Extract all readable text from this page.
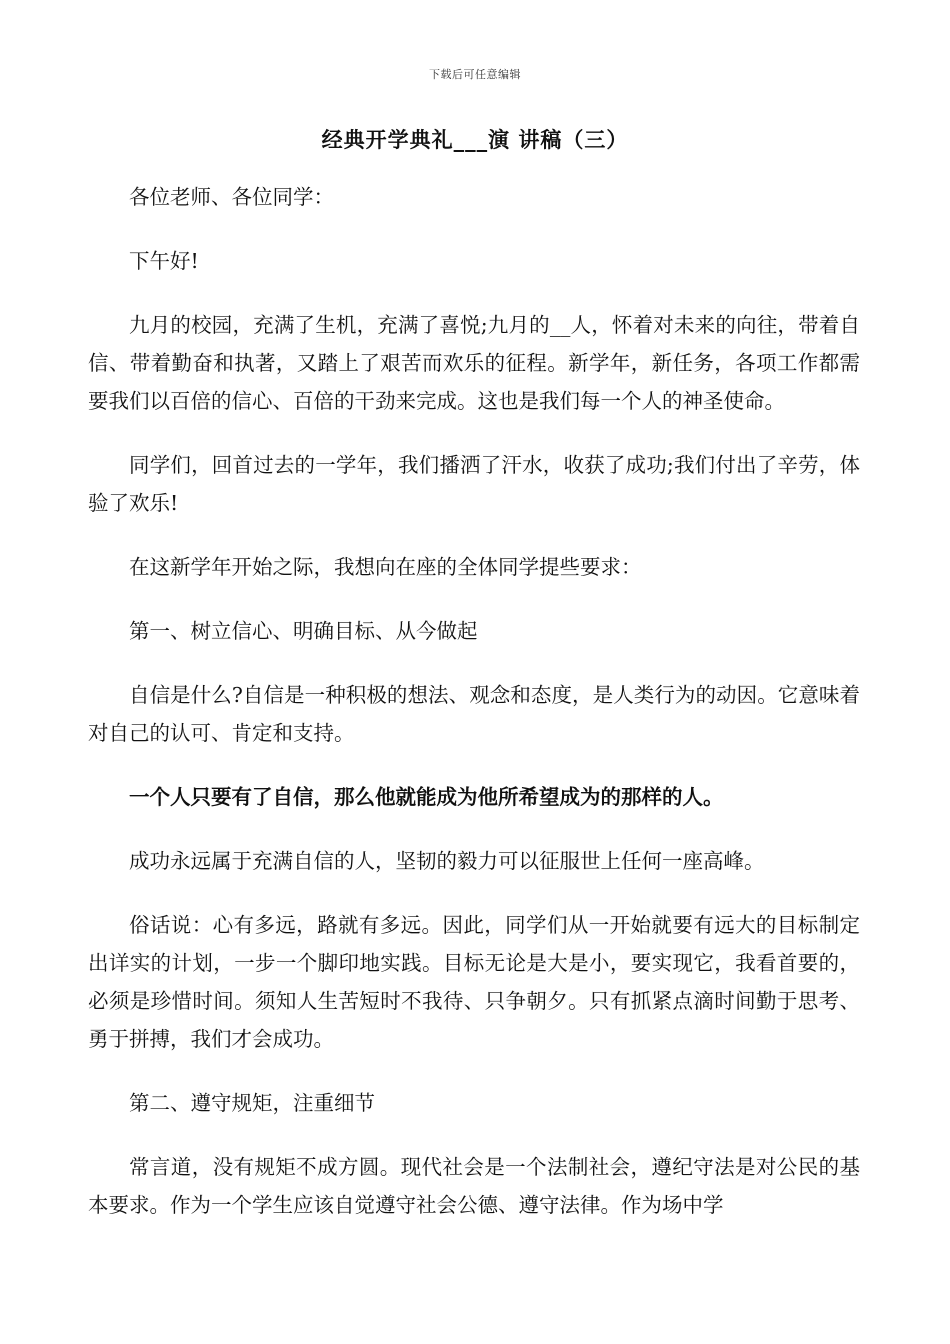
下载后可任意编辑
经典开学典礼___演 讲稿（三）

各位老师、各位同学：

下午好!

九月的校园，充满了生机，充满了喜悦;九月的__人，怀着对未来的向往，带着自信、带着勤奋和执著，又踏上了艰苦而欢乐的征程。新学年，新任务，各项工作都需要我们以百倍的信心、百倍的干劲来完成。这也是我们每一个人的神圣使命。

同学们，回首过去的一学年，我们播洒了汗水，收获了成功;我们付出了辛劳，体验了欢乐!

在这新学年开始之际，我想向在座的全体同学提些要求：

第一、树立信心、明确目标、从今做起

自信是什么?自信是一种积极的想法、观念和态度，是人类行为的动因。它意味着对自己的认可、肯定和支持。

一个人只要有了自信，那么他就能成为他所希望成为的那样的人。

成功永远属于充满自信的人，坚韧的毅力可以征服世上任何一座高峰。

俗话说：心有多远，路就有多远。因此，同学们从一开始就要有远大的目标制定出详实的计划，一步一个脚印地实践。目标无论是大是小，要实现它，我看首要的，必须是珍惜时间。须知人生苦短时不我待、只争朝夕。只有抓紧点滴时间勤于思考、勇于拼搏，我们才会成功。

第二、遵守规矩，注重细节

常言道，没有规矩不成方圆。现代社会是一个法制社会，遵纪守法是对公民的基本要求。作为一个学生应该自觉遵守社会公德、遵守法律。作为场中学
